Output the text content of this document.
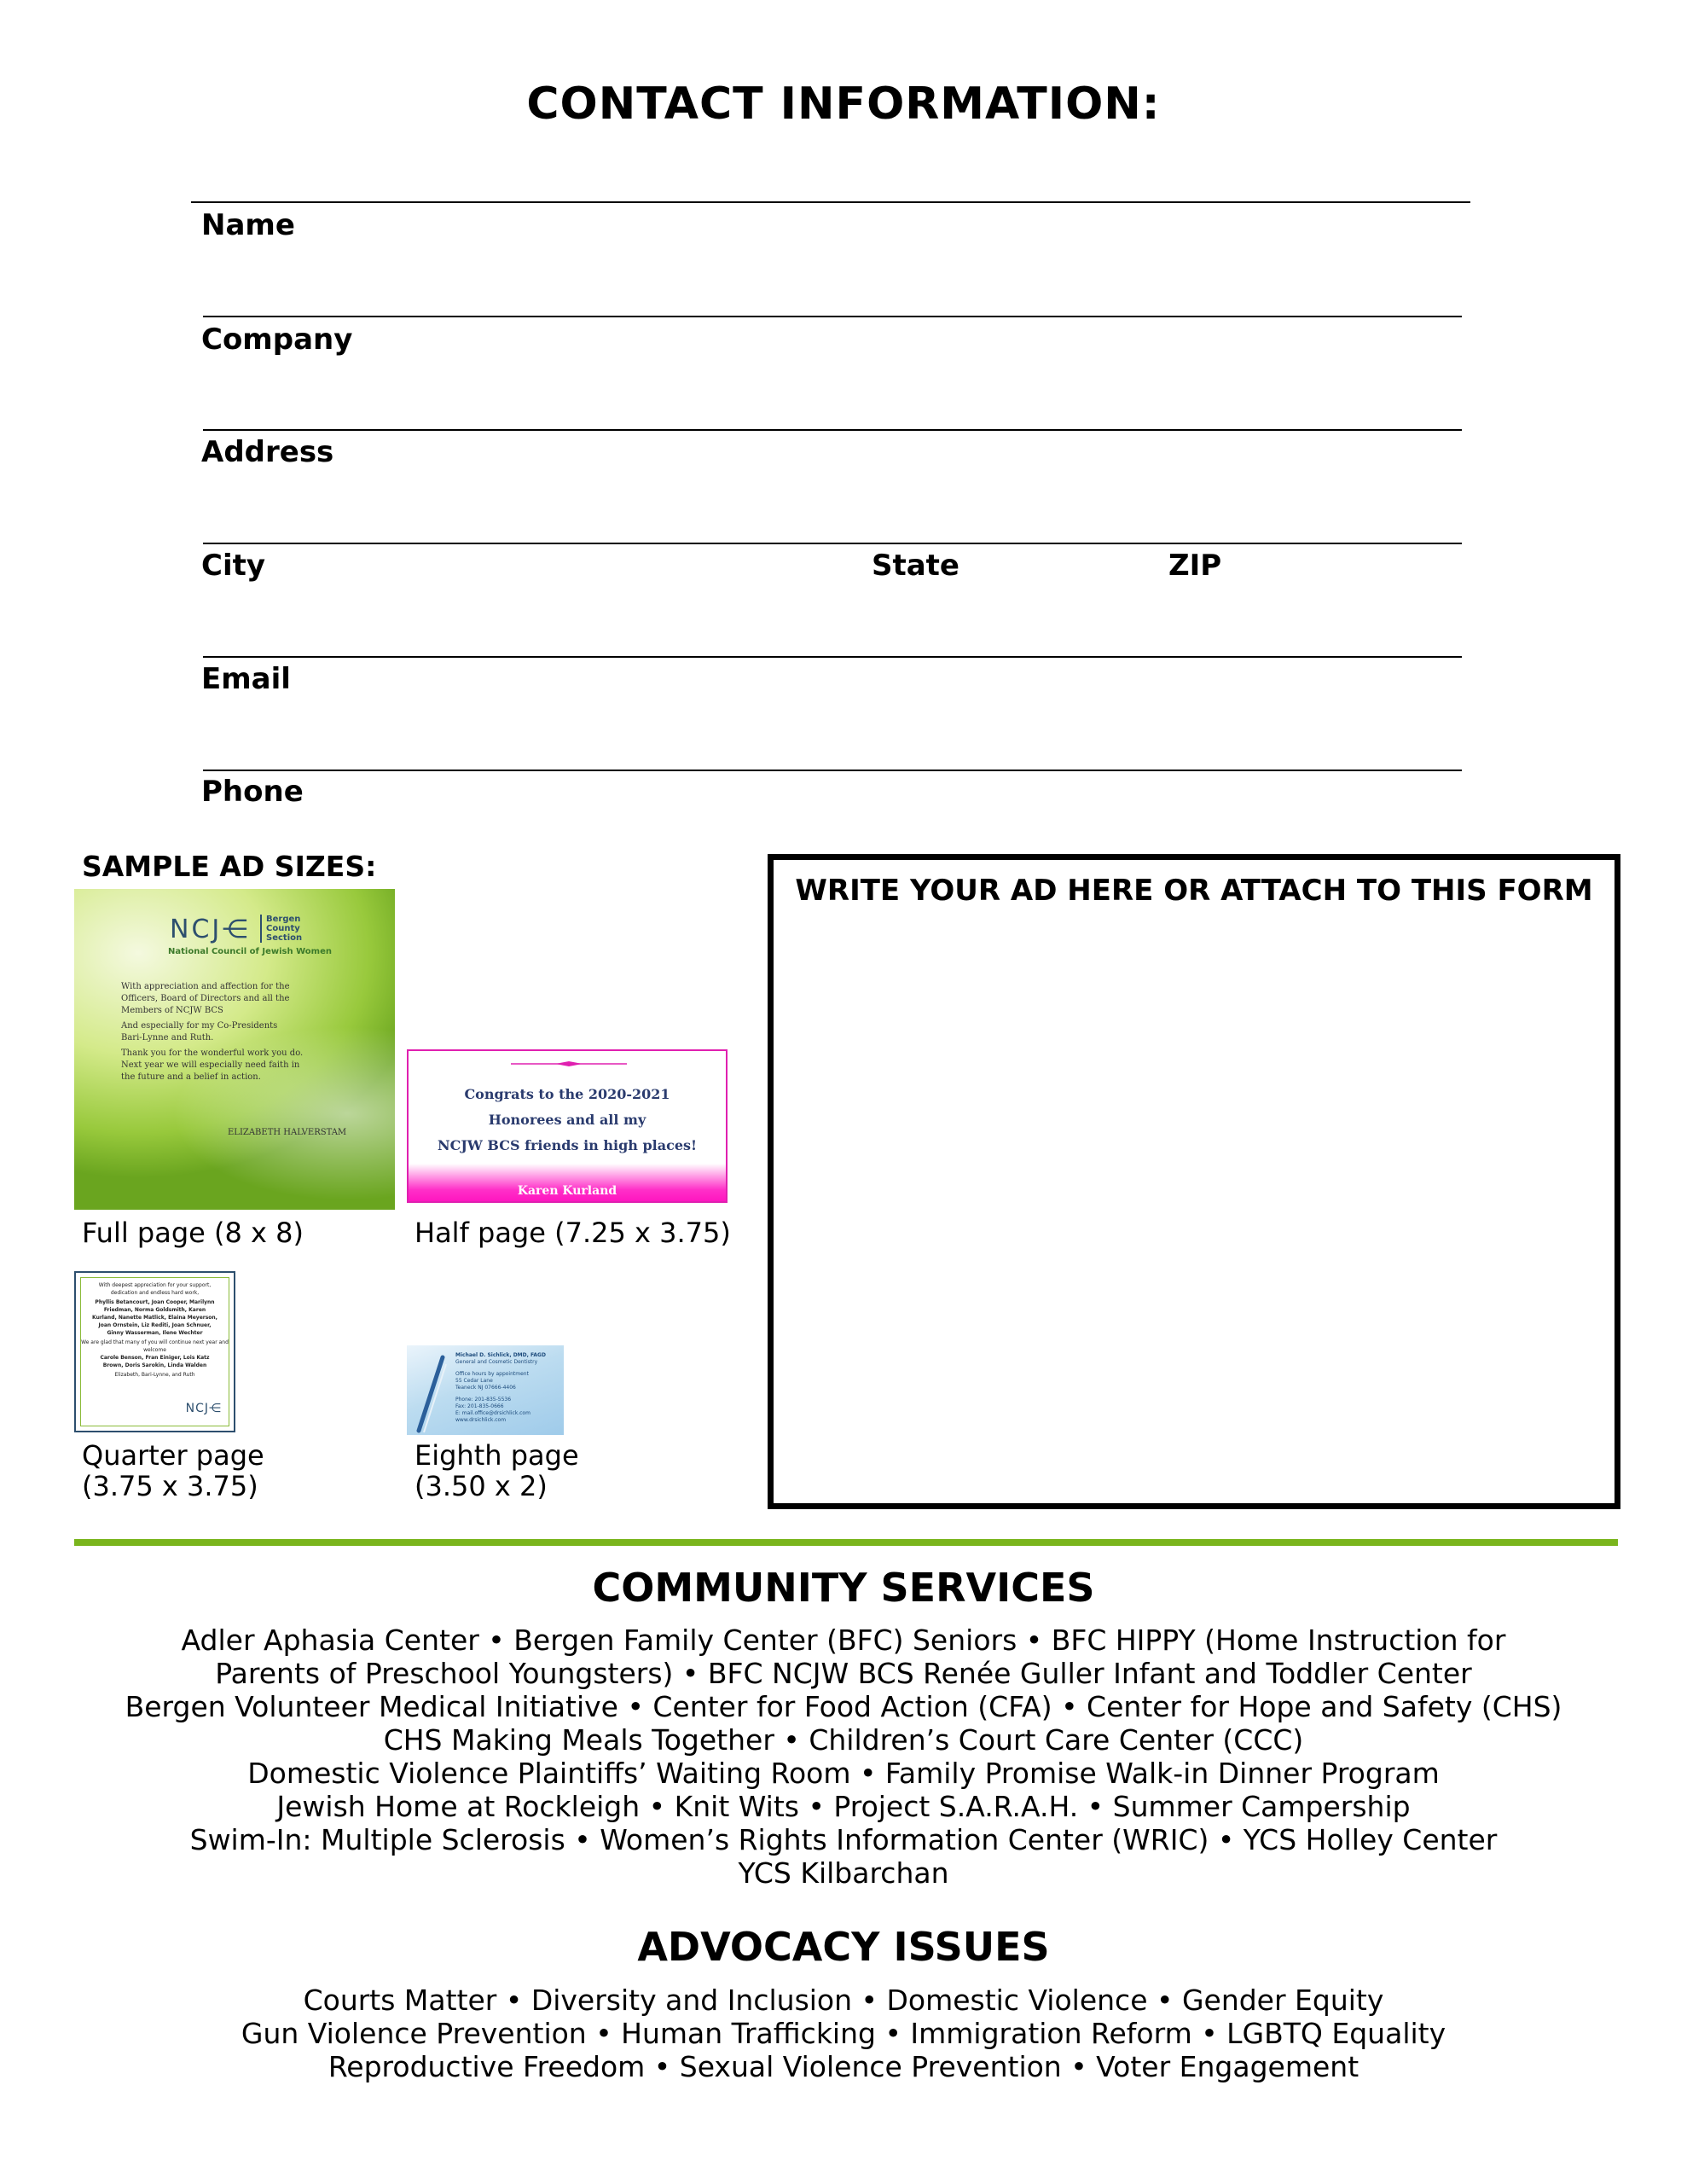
CONTACT INFORMATION:
Name
Company
Address
City	State	ZIP
Email
Phone
SAMPLE AD SIZES:
NCJ⋲ Bergen
County
Section
National Council of Jewish Women
With appreciation and affection for the
Officers, Board of Directors and all the
Members of NCJW BCS
And especially for my Co-Presidents
Bari-Lynne and Ruth.
Thank you for the wonderful work you do.
Next year we will especially need faith in
the future and a belief in action.
ELIZABETH HALVERSTAM
Full page (8 x 8)
Congrats to the 2020-2021
Honorees and all my
NCJW BCS friends in high places!
Karen Kurland
Half page (7.25 x 3.75)
With deepest appreciation for your support,
dedication and endless hard work,
Phyllis Betancourt, Joan Cooper, Marilynn
Friedman, Norma Goldsmith, Karen
Kurland, Nanette Matlick, Elaina Meyerson,
Joan Ornstein, Liz Rediti, Joan Schnuer,
Ginny Wasserman, Ilene Wechter
We are glad that many of you will continue next year and
welcome
Carole Benson, Fran Einiger, Lois Katz
Brown, Doris Sarokin, Linda Walden
Elizabeth, Bari-Lynne, and Ruth
NCJ⋲
Quarter page
(3.75 x 3.75)
Michael D. Sichlick, DMD, FAGD
General and Cosmetic Dentistry
Office hours by appointment
55 Cedar Lane
Teaneck NJ 07666-4406
Phone: 201-835-5536
Fax: 201-835-0666
E: mail.office@drsichlick.com
www.drsichlick.com
Eighth page
(3.50 x 2)
WRITE YOUR AD HERE OR ATTACH TO THIS FORM
COMMUNITY SERVICES
Adler Aphasia Center • Bergen Family Center (BFC) Seniors • BFC HIPPY (Home Instruction for
Parents of Preschool Youngsters) • BFC NCJW BCS Renée Guller Infant and Toddler Center
Bergen Volunteer Medical Initiative • Center for Food Action (CFA) • Center for Hope and Safety (CHS)
CHS Making Meals Together • Children’s Court Care Center (CCC)
Domestic Violence Plaintiffs’ Waiting Room • Family Promise Walk-in Dinner Program
Jewish Home at Rockleigh • Knit Wits • Project S.A.R.A.H. • Summer Campership
Swim-In: Multiple Sclerosis • Women’s Rights Information Center (WRIC) • YCS Holley Center
YCS Kilbarchan
ADVOCACY ISSUES
Courts Matter • Diversity and Inclusion • Domestic Violence • Gender Equity
Gun Violence Prevention • Human Trafficking • Immigration Reform • LGBTQ Equality
Reproductive Freedom • Sexual Violence Prevention • Voter Engagement
